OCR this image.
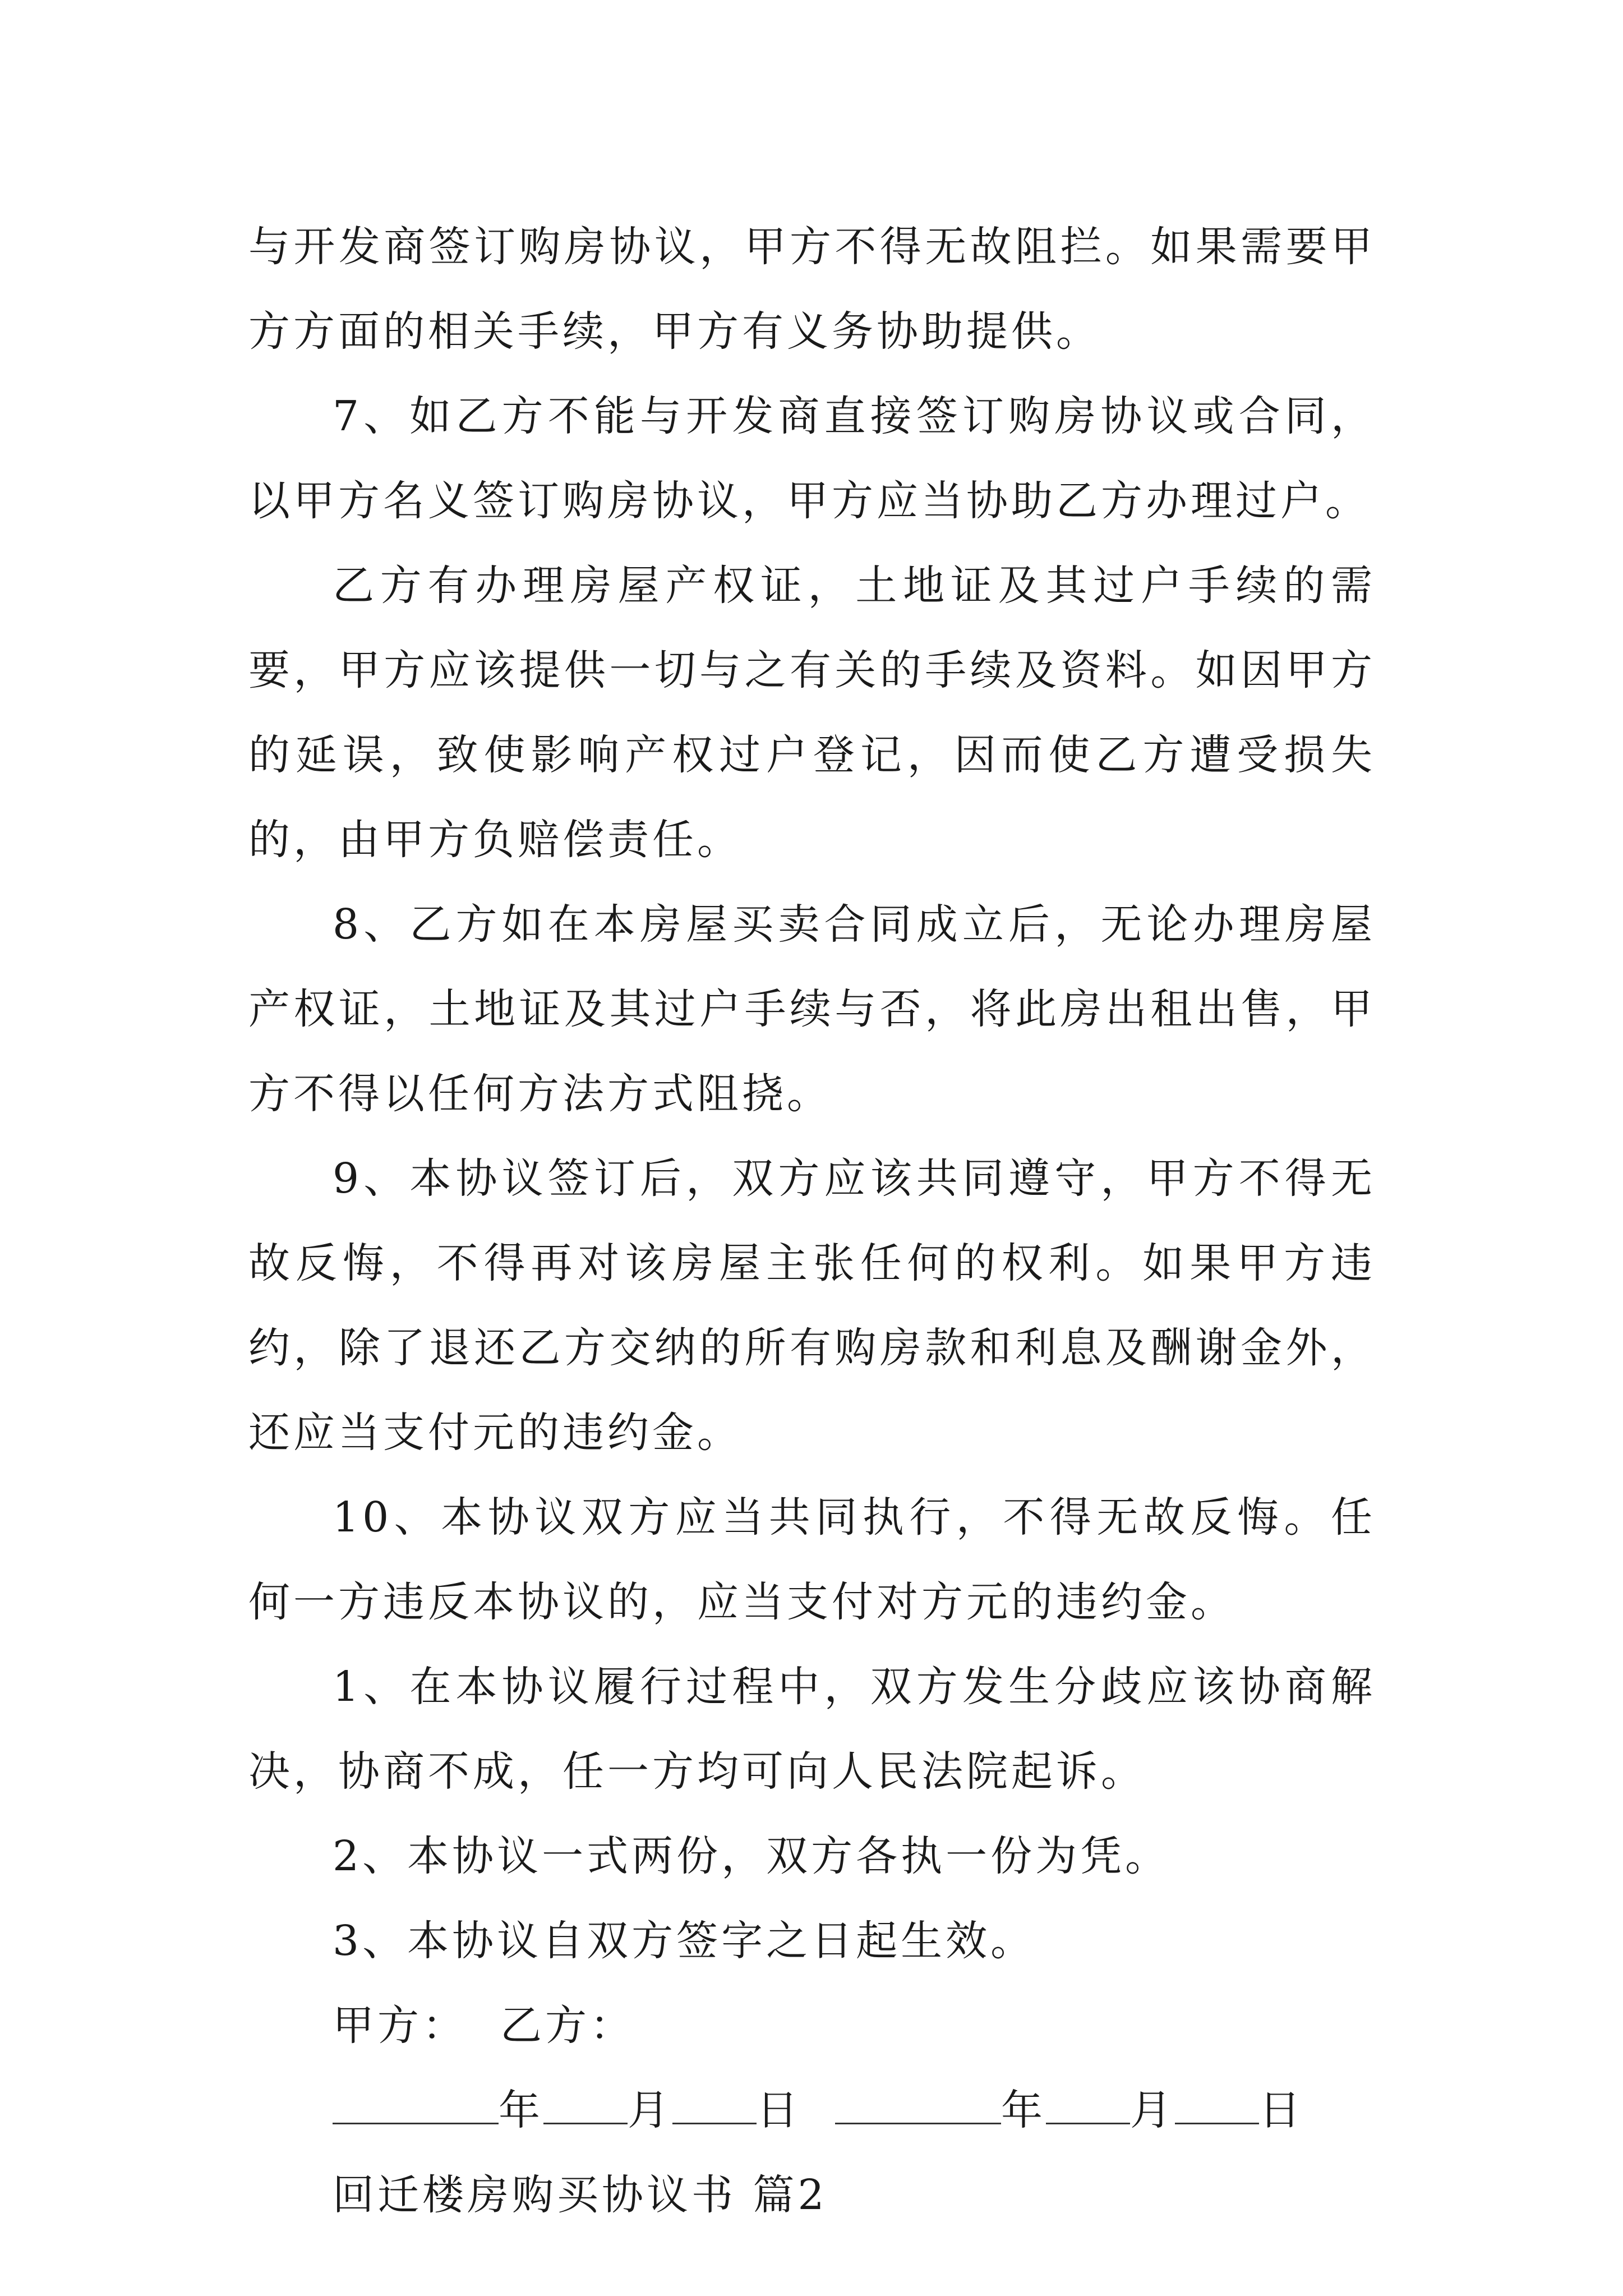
与开发商签订购房协议，甲方不得无故阻拦。如果需要甲方方面的相关手续，甲方有义务协助提供。

7、如乙方不能与开发商直接签订购房协议或合同，以甲方名义签订购房协议，甲方应当协助乙方办理过户。

乙方有办理房屋产权证，土地证及其过户手续的需要，甲方应该提供一切与之有关的手续及资料。如因甲方的延误，致使影响产权过户登记，因而使乙方遭受损失的，由甲方负赔偿责任。

8、乙方如在本房屋买卖合同成立后，无论办理房屋产权证，土地证及其过户手续与否，将此房出租出售，甲方不得以任何方法方式阻挠。

9、本协议签订后，双方应该共同遵守，甲方不得无故反悔，不得再对该房屋主张任何的权利。如果甲方违约，除了退还乙方交纳的所有购房款和利息及酬谢金外，还应当支付元的违约金。

10、本协议双方应当共同执行，不得无故反悔。任何一方违反本协议的，应当支付对方元的违约金。

1、在本协议履行过程中，双方发生分歧应该协商解决，协商不成，任一方均可向人民法院起诉。

2、本协议一式两份，双方各执一份为凭。

3、本协议自双方签字之日起生效。

甲方： 乙方：

年 月 日	年 月 日

回迁楼房购买协议书 篇2
